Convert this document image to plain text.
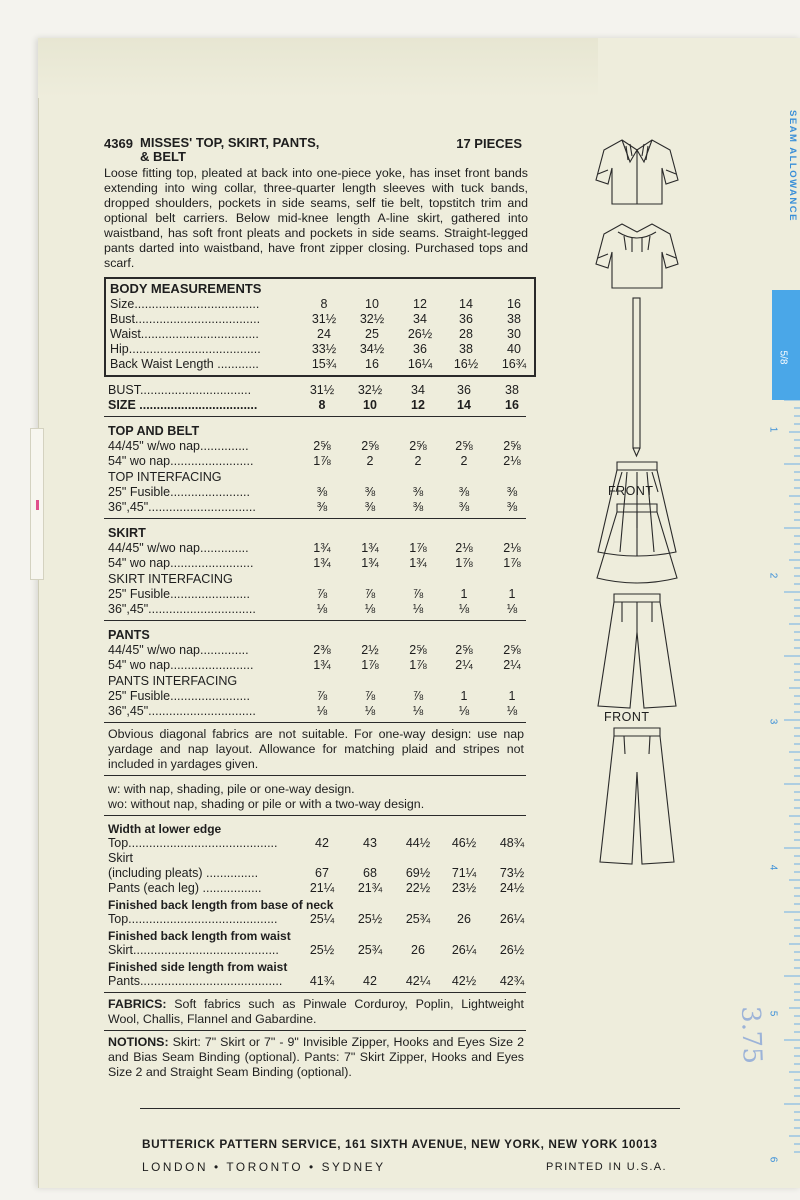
4369 MISSES' TOP, SKIRT, PANTS,
& BELT
17 PIECES
Loose fitting top, pleated at back into one-piece yoke, has inset front bands extending into wing collar, three-quarter length sleeves with tuck bands, dropped shoulders, pockets in side seams, self tie belt, topstitch trim and optional belt carriers. Below mid-knee length A-line skirt, gathered into waistband, has soft front pleats and pockets in side seams. Straight-legged pants darted into waistband, have front zipper closing. Purchased tops and scarf.
BODY MEASUREMENTS
Size....................................	8	10	12	14	16
Bust....................................	31½	32½	34	36	38
Waist..................................	24	25	26½	28	30
Hip......................................	33½	34½	36	38	40
Back Waist Length ............	15¾	16	16¼	16½	16¾
BUST................................	31½	32½	34	36	38
SIZE ..................................	8	10	12	14	16
TOP AND BELT
44/45" w/wo nap..............	2⅝	2⅝	2⅝	2⅝	2⅝
54" wo nap........................	1⅞	2	2	2	2⅛
TOP INTERFACING
25" Fusible.......................	⅜	⅜	⅜	⅜	⅜
36",45"...............................	⅜	⅜	⅜	⅜	⅜
SKIRT
44/45" w/wo nap..............	1¾	1¾	1⅞	2⅛	2⅛
54" wo nap........................	1¾	1¾	1¾	1⅞	1⅞
SKIRT INTERFACING
25" Fusible.......................	⅞	⅞	⅞	1	1
36",45"...............................	⅛	⅛	⅛	⅛	⅛
PANTS
44/45" w/wo nap..............	2⅜	2½	2⅝	2⅝	2⅝
54" wo nap........................	1¾	1⅞	1⅞	2¼	2¼
PANTS INTERFACING
25" Fusible.......................	⅞	⅞	⅞	1	1
36",45"...............................	⅛	⅛	⅛	⅛	⅛
Obvious diagonal fabrics are not suitable. For one-way design: use nap yardage and nap layout. Allowance for matching plaid and stripes not included in yardages given.
w: with nap, shading, pile or one-way design.
wo: without nap, shading or pile or with a two-way design.
Width at lower edge
Top...........................................	42	43	44½	46½	48¾
Skirt
(including pleats) ...............	67	68	69½	71¼	73½
Pants (each leg) .................	21¼	21¾	22½	23½	24½
Finished back length from base of neck
Top...........................................	25¼	25½	25¾	26	26¼
Finished back length from waist
Skirt..........................................	25½	25¾	26	26¼	26½
Finished side length from waist
Pants.........................................	41¾	42	42¼	42½	42¾
FABRICS: Soft fabrics such as Pinwale Corduroy, Poplin, Lightweight Wool, Challis, Flannel and Gabardine.
NOTIONS: Skirt: 7" Skirt or 7" - 9" Invisible Zipper, Hooks and Eyes Size 2 and Bias Seam Binding (optional). Pants: 7" Skirt Zipper, Hooks and Eyes Size 2 and Straight Seam Binding (optional).
BUTTERICK PATTERN SERVICE, 161 SIXTH AVENUE, NEW YORK, NEW YORK 10013
LONDON • TORONTO • SYDNEY	PRINTED IN U.S.A.
FRONT
FRONT
SEAM ALLOWANCE
5/8
1
2
3
4
5
6
3.75
